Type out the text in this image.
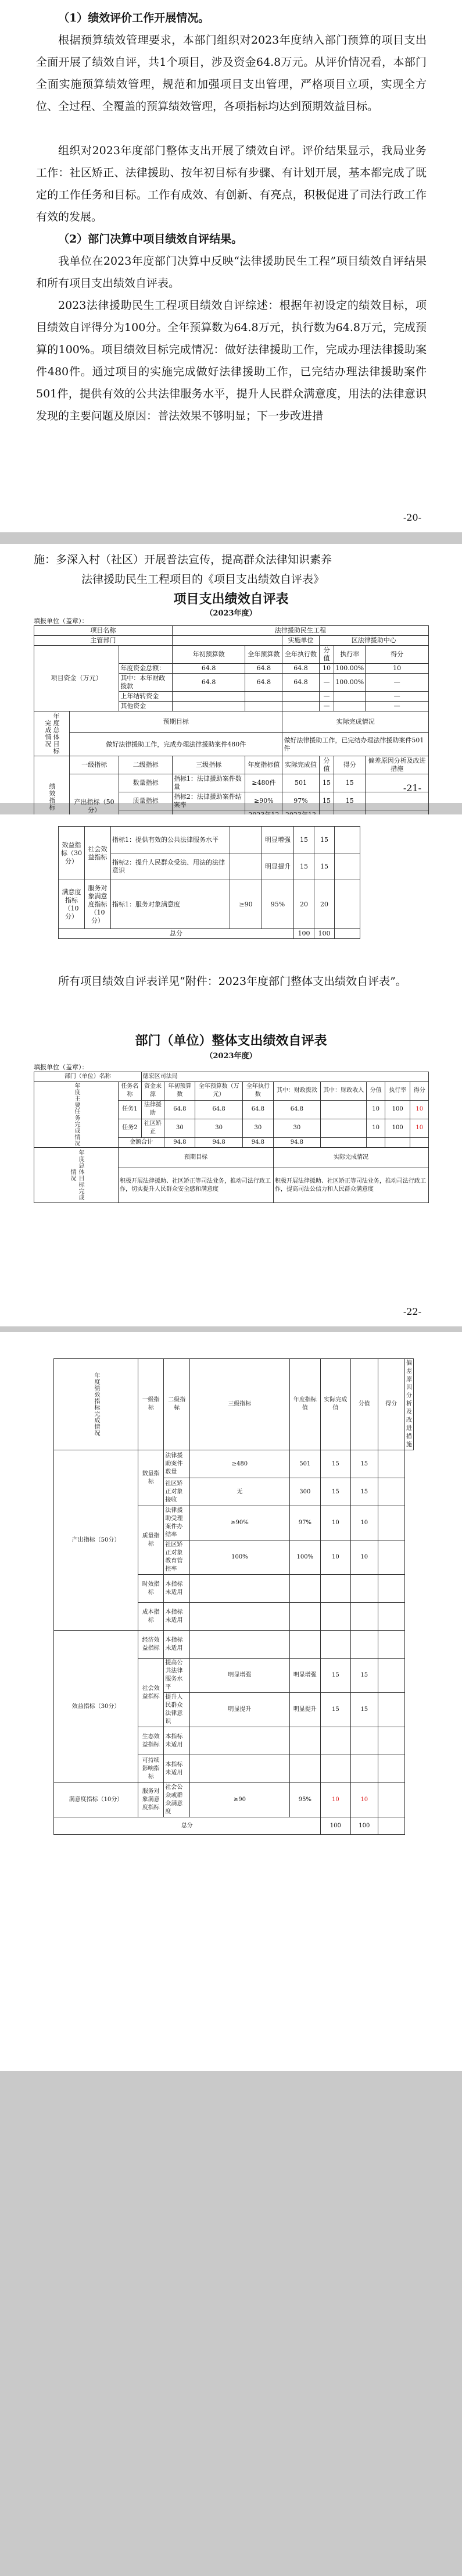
（1）绩效评价工作开展情况。

根据预算绩效管理要求，本部门组织对2023年度纳入部门预算的项目支出全面开展了绩效自评，共1个项目，涉及资金64.8万元。从评价情况看，本部门全面实施预算绩效管理，规范和加强项目支出管理，严格项目立项，实现全方位、全过程、全覆盖的预算绩效管理，各项指标均达到预期效益目标。

组织对2023年度部门整体支出开展了绩效自评。评价结果显示，我局业务工作：社区矫正、法律援助、按年初目标有步骤、有计划开展，基本都完成了既定的工作任务和目标。工作有成效、有创新、有亮点，积极促进了司法行政工作有效的发展。

（2）部门决算中项目绩效自评结果。

我单位在2023年度部门决算中反映“法律援助民生工程”项目绩效自评结果和所有项目支出绩效自评表。

2023法律援助民生工程项目绩效自评综述：根据年初设定的绩效目标，项目绩效自评得分为100分。全年预算数为64.8万元，执行数为64.8万元，完成预算的100%。项目绩效目标完成情况：做好法律援助工作，完成办理法律援助案件480件。通过项目的实施完成做好法律援助工作，已完结办理法律援助案件501件，提供有效的公共法律服务水平，提升人民群众满意度，用法的法律意识发现的主要问题及原因：普法效果不够明显；下一步改进措

-20-

施：多深入村（社区）开展普法宣传，提高群众法律知识素养

法律援助民生工程项目的《项目支出绩效自评表》

项目支出绩效自评表
（2023年度）
填报单位（盖章）：
项目名称			法律援助民生工程					
主管部门					实施单位	区法律援助中心		
项目资金（万元）			年初预算数	全年预算数	全年执行数	分值	执行率	得分
		年度资金总额：	64.8	64.8	64.8	10	100.00%	10
		其中：本年财政拨款	64.8	64.8	64.8	—	100.00%	—
		上年结转资金				—		—
		其他资金				—		—
年度总体目标完成情况	预期目标				实际完成情况			
	做好法律援助工作，完成办理法律援助案件480件				做好法律援助工作，已完结办理法律援助案件501件			
绩效指标	一级指标	二级指标	三级指标	年度指标值	实际完成值	分值	得分	偏差原因分析及改进措施
	产出指标（50分）	数量指标	指标1：法律援助案件数量	≥480件	501	15	15	
		质量指标	指标2：法律援助案件结案率	≥90%	97%	15	15	

-21-
效益指标（30分）	社会效益指标	指标1：提供有效的公共法律服务水平		明显增强	15	15	
		指标2：提升人民群众受法、用法的法律意识		明显提升	15	15	
满意度指标（10分）	服务对象满意度指标（10分）	指标1：服务对象满意度	≥90	95%	20	20	
总分					100	100	

所有项目绩效自评表详见“附件：2023年度部门整体支出绩效自评表”。

部门（单位）整体支出绩效自评表
（2023年度）
填报单位（盖章）：
部门（单位）名称		德宏区司法局								
年度主要任务完成情况	任务名称	资金来源	年初预算数	全年预算数（万元）	全年执行数	其中：财政拨款	其中：财政收入	分值	执行率	得分
	任务1	法律援助	64.8	64.8	64.8	64.8		10	100	10
	任务2	社区矫正	30	30	30	30		10	100	10
	金额合计		94.8	94.8	94.8	94.8				
年度总体目标完成情况	预期目标					实际完成情况				
	积极开展法律援助、社区矫正等司法业务，推动司法行政工作，切实提升人民群众安全感和满意度					积极开展法律援助、社区矫正等司法业务，推动司法行政工作，提高司法公信力和人民群众满意度				
-22-
年度绩效指标完成情况	一级指标	二级指标	三级指标	年度指标值	实际完成值	分值	得分	偏差原因分析及改进措施
产出指标（50分）	数量指标	法律援助案件数量	≥480	501	15	15		
		社区矫正对象接收	无	300	15	15		
	质量指标	法律援助受理案件办结率	≥90%	97%	10	10		
		社区矫正对象教育管控率	100%	100%	10	10		
	时效指标	本指标未适用						
	成本指标	本指标未适用						
效益指标（30分）	经济效益指标	本指标未适用						
	社会效益指标	提高公共法律服务水平	明显增强	明显增强	15	15		
		提升人民群众法律意识	明显提升	明显提升	15	15		
	生态效益指标	本指标未适用						
	可持续影响指标	本指标未适用						
满意度指标（10分）	服务对象满意度指标	社会公众或群众满意度	≥90	95%	10	10		
总分					100	100		
